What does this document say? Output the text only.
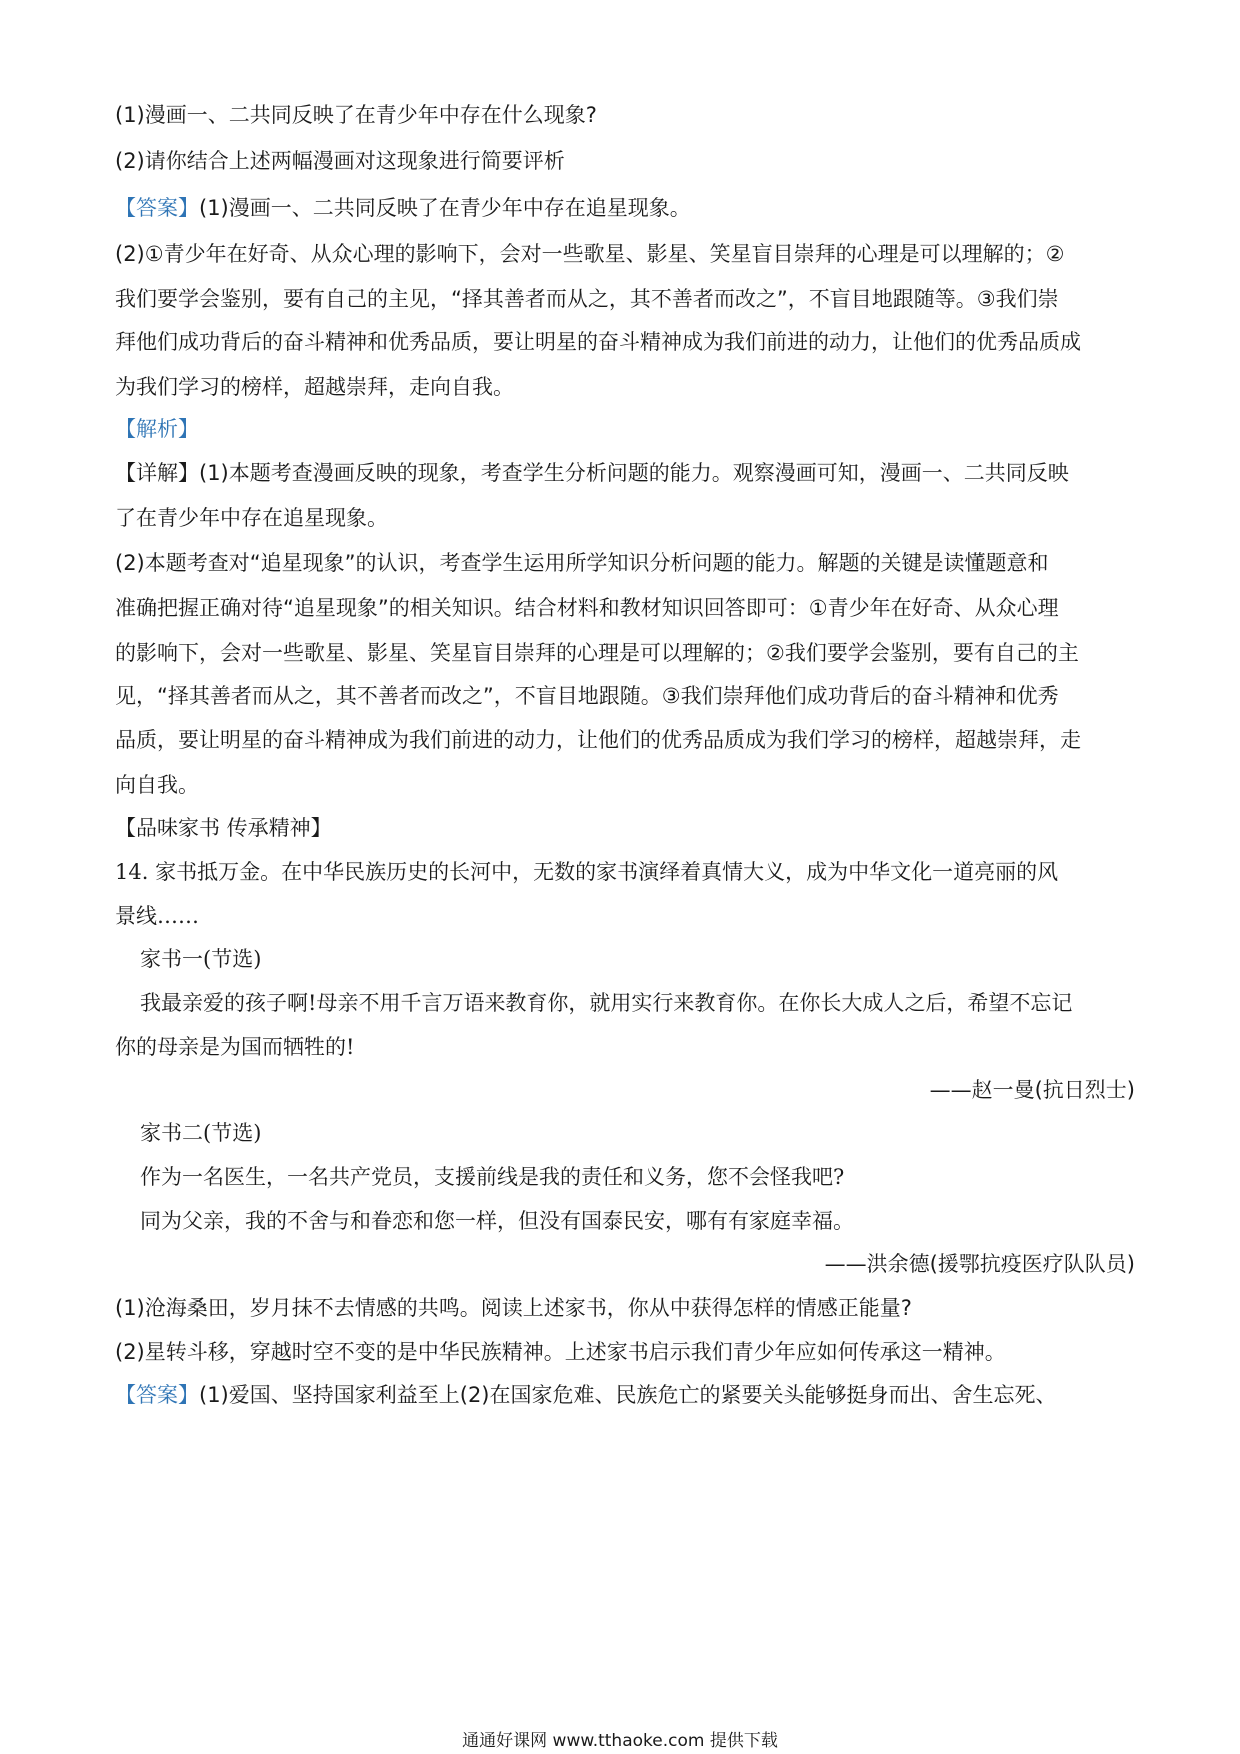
(1)漫画一、二共同反映了在青少年中存在什么现象?
(2)请你结合上述两幅漫画对这现象进行简要评析
【答案】(1)漫画一、二共同反映了在青少年中存在追星现象。
(2)①青少年在好奇、从众心理的影响下，会对一些歌星、影星、笑星盲目崇拜的心理是可以理解的；②
我们要学会鉴别，要有自己的主见，“择其善者而从之，其不善者而改之”，不盲目地跟随等。③我们崇
拜他们成功背后的奋斗精神和优秀品质，要让明星的奋斗精神成为我们前进的动力，让他们的优秀品质成
为我们学习的榜样，超越崇拜，走向自我。
【解析】
【详解】(1)本题考查漫画反映的现象，考查学生分析问题的能力。观察漫画可知，漫画一、二共同反映
了在青少年中存在追星现象。
(2)本题考查对“追星现象”的认识，考查学生运用所学知识分析问题的能力。解题的关键是读懂题意和
准确把握正确对待“追星现象”的相关知识。结合材料和教材知识回答即可：①青少年在好奇、从众心理
的影响下，会对一些歌星、影星、笑星盲目崇拜的心理是可以理解的；②我们要学会鉴别，要有自己的主
见，“择其善者而从之，其不善者而改之”，不盲目地跟随。③我们崇拜他们成功背后的奋斗精神和优秀
品质，要让明星的奋斗精神成为我们前进的动力，让他们的优秀品质成为我们学习的榜样，超越崇拜，走
向自我。
【品味家书 传承精神】
14. 家书抵万金。在中华民族历史的长河中，无数的家书演绎着真情大义，成为中华文化一道亮丽的风
景线……
家书一(节选)
我最亲爱的孩子啊!母亲不用千言万语来教育你，就用实行来教育你。在你长大成人之后，希望不忘记
你的母亲是为国而牺牲的!
——赵一曼(抗日烈士)
家书二(节选)
作为一名医生，一名共产党员，支援前线是我的责任和义务，您不会怪我吧?
同为父亲，我的不舍与和眷恋和您一样，但没有国泰民安，哪有有家庭幸福。
——洪余德(援鄂抗疫医疗队队员)
(1)沧海桑田，岁月抹不去情感的共鸣。阅读上述家书，你从中获得怎样的情感正能量?
(2)星转斗移，穿越时空不变的是中华民族精神。上述家书启示我们青少年应如何传承这一精神。
【答案】(1)爱国、坚持国家利益至上(2)在国家危难、民族危亡的紧要关头能够挺身而出、舍生忘死、
通通好课网 www.tthaoke.com 提供下载
